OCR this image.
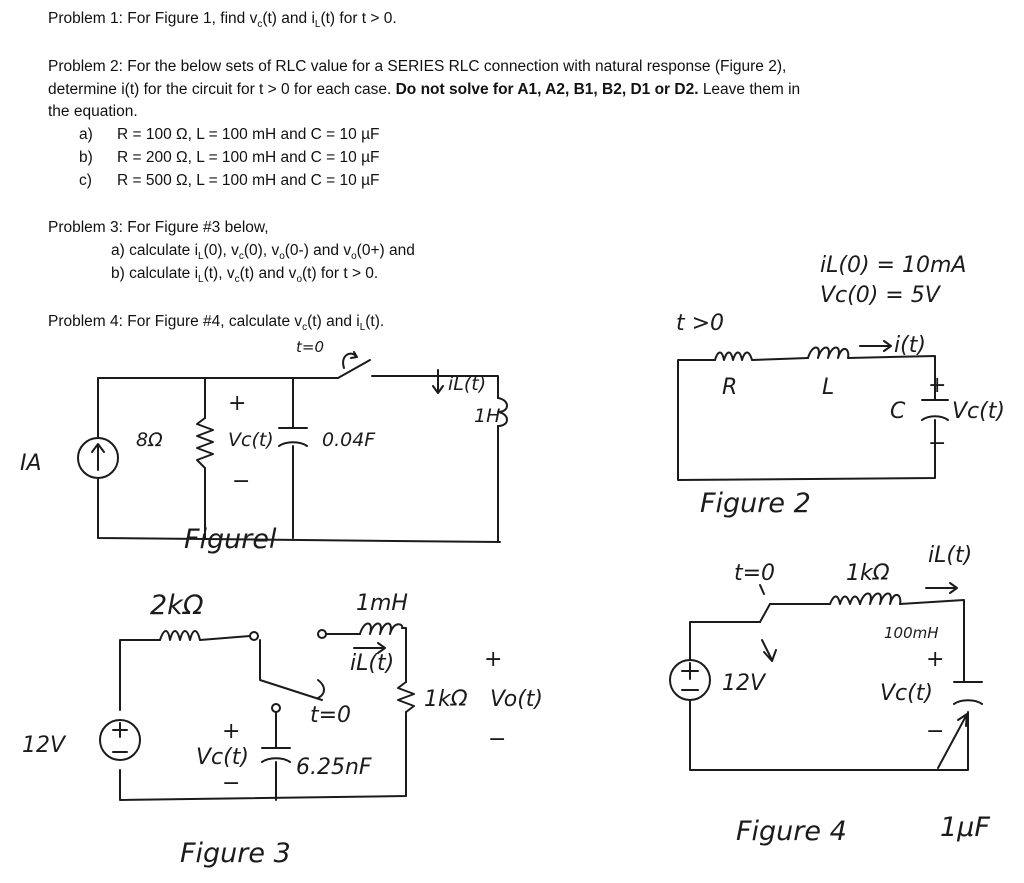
Problem 1: For Figure 1, find $v_c(t)$ and $i_L(t)$ for t > 0.
Problem 2: For the below sets of RLC value for a SERIES RLC connection with natural response (Figure 2),
determine i(t) for the circuit for t > 0 for each case. Do not solve for A1, A2, B1, B2, D1 or D2. Leave them in
the equation.
a) R = 100 Ω, L = 100 mH and C = 10 µF
b) R = 200 Ω, L = 100 mH and C = 10 µF
c) R = 500 Ω, L = 100 mH and C = 10 µF
Problem 3: For Figure #3 below,
a) calculate $i_L(0)$, $v_c(0)$, $v_o(0-)$ and $v_o(0+)$ and
b) calculate $i_L(t)$, $v_c(t)$ and $v_o(t)$ for t > 0.
Problem 4: For Figure #4, calculate $v_c(t)$ and $i_L(t)$.
IA
8Ω
+
Vc(t)
−
0.04F
1H
iL(t)
t=0
Figurel
iL(0) = 10mA
Vc(0) = 5V
t >0
i(t)
R	L	+
C Vc(t)
−
Figure 2
12V
2kΩ	1mH
iL(t)
t=0
+
1kΩ Vo(t)
−
+
Vc(t) 6.25nF
−
Figure 3
t=0
12V
1kΩ
iL(t)
100mH
+
Vc(t)
−
Figure 4	1µF
